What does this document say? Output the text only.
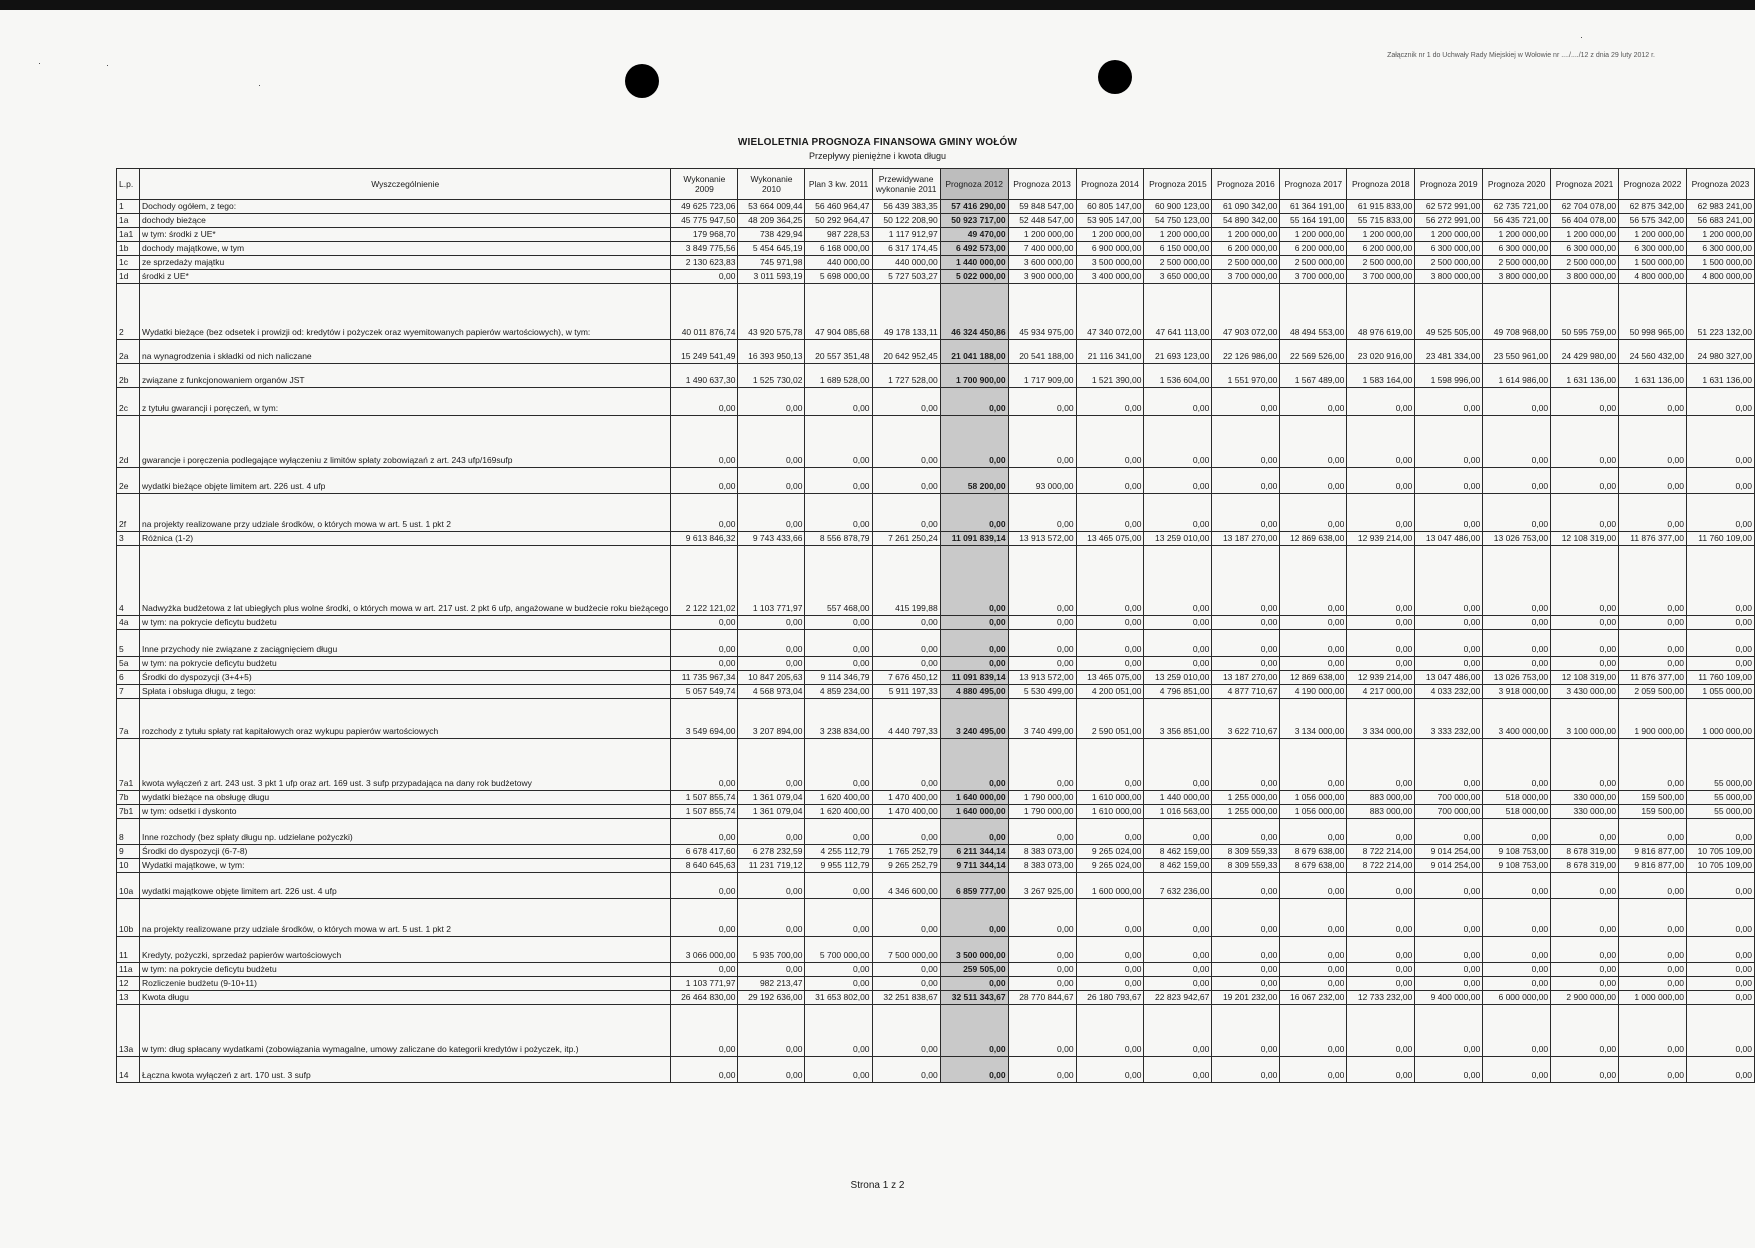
·	·
·
·
Załącznik nr 1 do Uchwały Rady Miejskiej w Wołowie nr ..../..../12 z dnia 29 luty 2012 r.
WIELOLETNIA PROGNOZA FINANSOWA GMINY WOŁÓW
Przepływy pieniężne i kwota długu
L.p.	Wyszczególnienie	Wykonanie 2009	Wykonanie 2010	Plan 3 kw. 2011	Przewidywane wykonanie 2011	Prognoza 2012	Prognoza 2013	Prognoza 2014	Prognoza 2015	Prognoza 2016	Prognoza 2017	Prognoza 2018	Prognoza 2019	Prognoza 2020	Prognoza 2021	Prognoza 2022	Prognoza 2023
1	Dochody ogółem, z tego:	49 625 723,06	53 664 009,44	56 460 964,47	56 439 383,35	57 416 290,00	59 848 547,00	60 805 147,00	60 900 123,00	61 090 342,00	61 364 191,00	61 915 833,00	62 572 991,00	62 735 721,00	62 704 078,00	62 875 342,00	62 983 241,00
1a	dochody bieżące	45 775 947,50	48 209 364,25	50 292 964,47	50 122 208,90	50 923 717,00	52 448 547,00	53 905 147,00	54 750 123,00	54 890 342,00	55 164 191,00	55 715 833,00	56 272 991,00	56 435 721,00	56 404 078,00	56 575 342,00	56 683 241,00
1a1	w tym: środki z UE*	179 968,70	738 429,94	987 228,53	1 117 912,97	49 470,00	1 200 000,00	1 200 000,00	1 200 000,00	1 200 000,00	1 200 000,00	1 200 000,00	1 200 000,00	1 200 000,00	1 200 000,00	1 200 000,00	1 200 000,00
1b	dochody majątkowe, w tym	3 849 775,56	5 454 645,19	6 168 000,00	6 317 174,45	6 492 573,00	7 400 000,00	6 900 000,00	6 150 000,00	6 200 000,00	6 200 000,00	6 200 000,00	6 300 000,00	6 300 000,00	6 300 000,00	6 300 000,00	6 300 000,00
1c	ze sprzedaży majątku	2 130 623,83	745 971,98	440 000,00	440 000,00	1 440 000,00	3 600 000,00	3 500 000,00	2 500 000,00	2 500 000,00	2 500 000,00	2 500 000,00	2 500 000,00	2 500 000,00	2 500 000,00	1 500 000,00	1 500 000,00
1d	środki z UE*	0,00	3 011 593,19	5 698 000,00	5 727 503,27	5 022 000,00	3 900 000,00	3 400 000,00	3 650 000,00	3 700 000,00	3 700 000,00	3 700 000,00	3 800 000,00	3 800 000,00	3 800 000,00	4 800 000,00	4 800 000,00
2	Wydatki bieżące (bez odsetek i prowizji od: kredytów i pożyczek oraz wyemitowanych papierów wartościowych), w tym:	40 011 876,74	43 920 575,78	47 904 085,68	49 178 133,11	46 324 450,86	45 934 975,00	47 340 072,00	47 641 113,00	47 903 072,00	48 494 553,00	48 976 619,00	49 525 505,00	49 708 968,00	50 595 759,00	50 998 965,00	51 223 132,00
2a	na wynagrodzenia i składki od nich naliczane	15 249 541,49	16 393 950,13	20 557 351,48	20 642 952,45	21 041 188,00	20 541 188,00	21 116 341,00	21 693 123,00	22 126 986,00	22 569 526,00	23 020 916,00	23 481 334,00	23 550 961,00	24 429 980,00	24 560 432,00	24 980 327,00
2b	związane z funkcjonowaniem organów JST	1 490 637,30	1 525 730,02	1 689 528,00	1 727 528,00	1 700 900,00	1 717 909,00	1 521 390,00	1 536 604,00	1 551 970,00	1 567 489,00	1 583 164,00	1 598 996,00	1 614 986,00	1 631 136,00	1 631 136,00	1 631 136,00
2c	z tytułu gwarancji i poręczeń, w tym:	0,00	0,00	0,00	0,00	0,00	0,00	0,00	0,00	0,00	0,00	0,00	0,00	0,00	0,00	0,00	0,00
2d	gwarancje i poręczenia podlegające wyłączeniu z limitów spłaty zobowiązań z art. 243 ufp/169sufp	0,00	0,00	0,00	0,00	0,00	0,00	0,00	0,00	0,00	0,00	0,00	0,00	0,00	0,00	0,00	0,00
2e	wydatki bieżące objęte limitem art. 226 ust. 4 ufp	0,00	0,00	0,00	0,00	58 200,00	93 000,00	0,00	0,00	0,00	0,00	0,00	0,00	0,00	0,00	0,00	0,00
2f	na projekty realizowane przy udziale środków, o których mowa w art. 5 ust. 1 pkt 2	0,00	0,00	0,00	0,00	0,00	0,00	0,00	0,00	0,00	0,00	0,00	0,00	0,00	0,00	0,00	0,00
3	Różnica (1-2)	9 613 846,32	9 743 433,66	8 556 878,79	7 261 250,24	11 091 839,14	13 913 572,00	13 465 075,00	13 259 010,00	13 187 270,00	12 869 638,00	12 939 214,00	13 047 486,00	13 026 753,00	12 108 319,00	11 876 377,00	11 760 109,00
4	Nadwyżka budżetowa z lat ubiegłych plus wolne środki, o których mowa w art. 217 ust. 2 pkt 6 ufp, angażowane w budżecie roku bieżącego	2 122 121,02	1 103 771,97	557 468,00	415 199,88	0,00	0,00	0,00	0,00	0,00	0,00	0,00	0,00	0,00	0,00	0,00	0,00
4a	w tym: na pokrycie deficytu budżetu	0,00	0,00	0,00	0,00	0,00	0,00	0,00	0,00	0,00	0,00	0,00	0,00	0,00	0,00	0,00	0,00
5	Inne przychody nie związane z zaciągnięciem długu	0,00	0,00	0,00	0,00	0,00	0,00	0,00	0,00	0,00	0,00	0,00	0,00	0,00	0,00	0,00	0,00
5a	w tym: na pokrycie deficytu budżetu	0,00	0,00	0,00	0,00	0,00	0,00	0,00	0,00	0,00	0,00	0,00	0,00	0,00	0,00	0,00	0,00
6	Środki do dyspozycji (3+4+5)	11 735 967,34	10 847 205,63	9 114 346,79	7 676 450,12	11 091 839,14	13 913 572,00	13 465 075,00	13 259 010,00	13 187 270,00	12 869 638,00	12 939 214,00	13 047 486,00	13 026 753,00	12 108 319,00	11 876 377,00	11 760 109,00
7	Spłata i obsługa długu, z tego:	5 057 549,74	4 568 973,04	4 859 234,00	5 911 197,33	4 880 495,00	5 530 499,00	4 200 051,00	4 796 851,00	4 877 710,67	4 190 000,00	4 217 000,00	4 033 232,00	3 918 000,00	3 430 000,00	2 059 500,00	1 055 000,00
7a	rozchody z tytułu spłaty rat kapitałowych oraz wykupu papierów wartościowych	3 549 694,00	3 207 894,00	3 238 834,00	4 440 797,33	3 240 495,00	3 740 499,00	2 590 051,00	3 356 851,00	3 622 710,67	3 134 000,00	3 334 000,00	3 333 232,00	3 400 000,00	3 100 000,00	1 900 000,00	1 000 000,00
7a1	kwota wyłączeń z art. 243 ust. 3 pkt 1 ufp oraz art. 169 ust. 3 sufp przypadająca na dany rok budżetowy	0,00	0,00	0,00	0,00	0,00	0,00	0,00	0,00	0,00	0,00	0,00	0,00	0,00	0,00	0,00	55 000,00
7b	wydatki bieżące na obsługę długu	1 507 855,74	1 361 079,04	1 620 400,00	1 470 400,00	1 640 000,00	1 790 000,00	1 610 000,00	1 440 000,00	1 255 000,00	1 056 000,00	883 000,00	700 000,00	518 000,00	330 000,00	159 500,00	55 000,00
7b1	w tym: odsetki i dyskonto	1 507 855,74	1 361 079,04	1 620 400,00	1 470 400,00	1 640 000,00	1 790 000,00	1 610 000,00	1 016 563,00	1 255 000,00	1 056 000,00	883 000,00	700 000,00	518 000,00	330 000,00	159 500,00	55 000,00
8	Inne rozchody (bez spłaty długu np. udzielane pożyczki)	0,00	0,00	0,00	0,00	0,00	0,00	0,00	0,00	0,00	0,00	0,00	0,00	0,00	0,00	0,00	0,00
9	Środki do dyspozycji (6-7-8)	6 678 417,60	6 278 232,59	4 255 112,79	1 765 252,79	6 211 344,14	8 383 073,00	9 265 024,00	8 462 159,00	8 309 559,33	8 679 638,00	8 722 214,00	9 014 254,00	9 108 753,00	8 678 319,00	9 816 877,00	10 705 109,00
10	Wydatki majątkowe, w tym:	8 640 645,63	11 231 719,12	9 955 112,79	9 265 252,79	9 711 344,14	8 383 073,00	9 265 024,00	8 462 159,00	8 309 559,33	8 679 638,00	8 722 214,00	9 014 254,00	9 108 753,00	8 678 319,00	9 816 877,00	10 705 109,00
10a	wydatki majątkowe objęte limitem art. 226 ust. 4 ufp	0,00	0,00	0,00	4 346 600,00	6 859 777,00	3 267 925,00	1 600 000,00	7 632 236,00	0,00	0,00	0,00	0,00	0,00	0,00	0,00	0,00
10b	na projekty realizowane przy udziale środków, o których mowa w art. 5 ust. 1 pkt 2	0,00	0,00	0,00	0,00	0,00	0,00	0,00	0,00	0,00	0,00	0,00	0,00	0,00	0,00	0,00	0,00
11	Kredyty, pożyczki, sprzedaż papierów wartościowych	3 066 000,00	5 935 700,00	5 700 000,00	7 500 000,00	3 500 000,00	0,00	0,00	0,00	0,00	0,00	0,00	0,00	0,00	0,00	0,00	0,00
11a	w tym: na pokrycie deficytu budżetu	0,00	0,00	0,00	0,00	259 505,00	0,00	0,00	0,00	0,00	0,00	0,00	0,00	0,00	0,00	0,00	0,00
12	Rozliczenie budżetu (9-10+11)	1 103 771,97	982 213,47	0,00	0,00	0,00	0,00	0,00	0,00	0,00	0,00	0,00	0,00	0,00	0,00	0,00	0,00
13	Kwota długu	26 464 830,00	29 192 636,00	31 653 802,00	32 251 838,67	32 511 343,67	28 770 844,67	26 180 793,67	22 823 942,67	19 201 232,00	16 067 232,00	12 733 232,00	9 400 000,00	6 000 000,00	2 900 000,00	1 000 000,00	0,00
13a	w tym: dług spłacany wydatkami (zobowiązania wymagalne, umowy zaliczane do kategorii kredytów i pożyczek, itp.)	0,00	0,00	0,00	0,00	0,00	0,00	0,00	0,00	0,00	0,00	0,00	0,00	0,00	0,00	0,00	0,00
14	Łączna kwota wyłączeń z art. 170 ust. 3 sufp	0,00	0,00	0,00	0,00	0,00	0,00	0,00	0,00	0,00	0,00	0,00	0,00	0,00	0,00	0,00	0,00
Strona 1 z 2
